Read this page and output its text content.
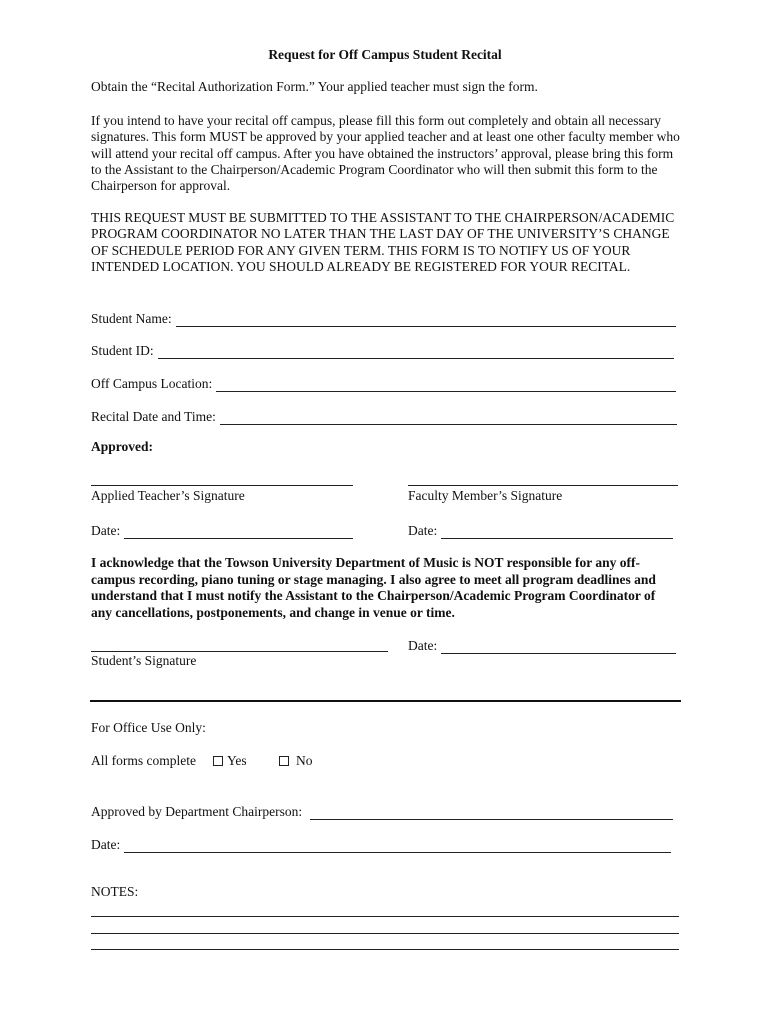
Request for Off Campus Student Recital
Obtain the “Recital Authorization Form.” Your applied teacher must sign the form.
If you intend to have your recital off campus, please fill this form out completely and obtain all necessary signatures. This form MUST be approved by your applied teacher and at least one other faculty member who will attend your recital off campus. After you have obtained the instructors’ approval, please bring this form to the Assistant to the Chairperson/Academic Program Coordinator who will then submit this form to the Chairperson for approval.
THIS REQUEST MUST BE SUBMITTED TO THE ASSISTANT TO THE CHAIRPERSON/ACADEMIC PROGRAM COORDINATOR NO LATER THAN THE LAST DAY OF THE UNIVERSITY’S CHANGE OF SCHEDULE PERIOD FOR ANY GIVEN TERM. THIS FORM IS TO NOTIFY US OF YOUR INTENDED LOCATION. YOU SHOULD ALREADY BE REGISTERED FOR YOUR RECITAL.
Student Name:
Student ID:
Off Campus Location:
Recital Date and Time:
Approved:
Applied Teacher’s Signature	Faculty Member’s Signature
Date:	Date:
I acknowledge that the Towson University Department of Music is NOT responsible for any off-campus recording, piano tuning or stage managing. I also agree to meet all program deadlines and understand that I must notify the Assistant to the Chairperson/Academic Program Coordinator of any cancellations, postponements, and change in venue or time.
Date:
Student’s Signature
For Office Use Only:
All forms complete	Yes	No
Approved by Department Chairperson:
Date:
NOTES:
